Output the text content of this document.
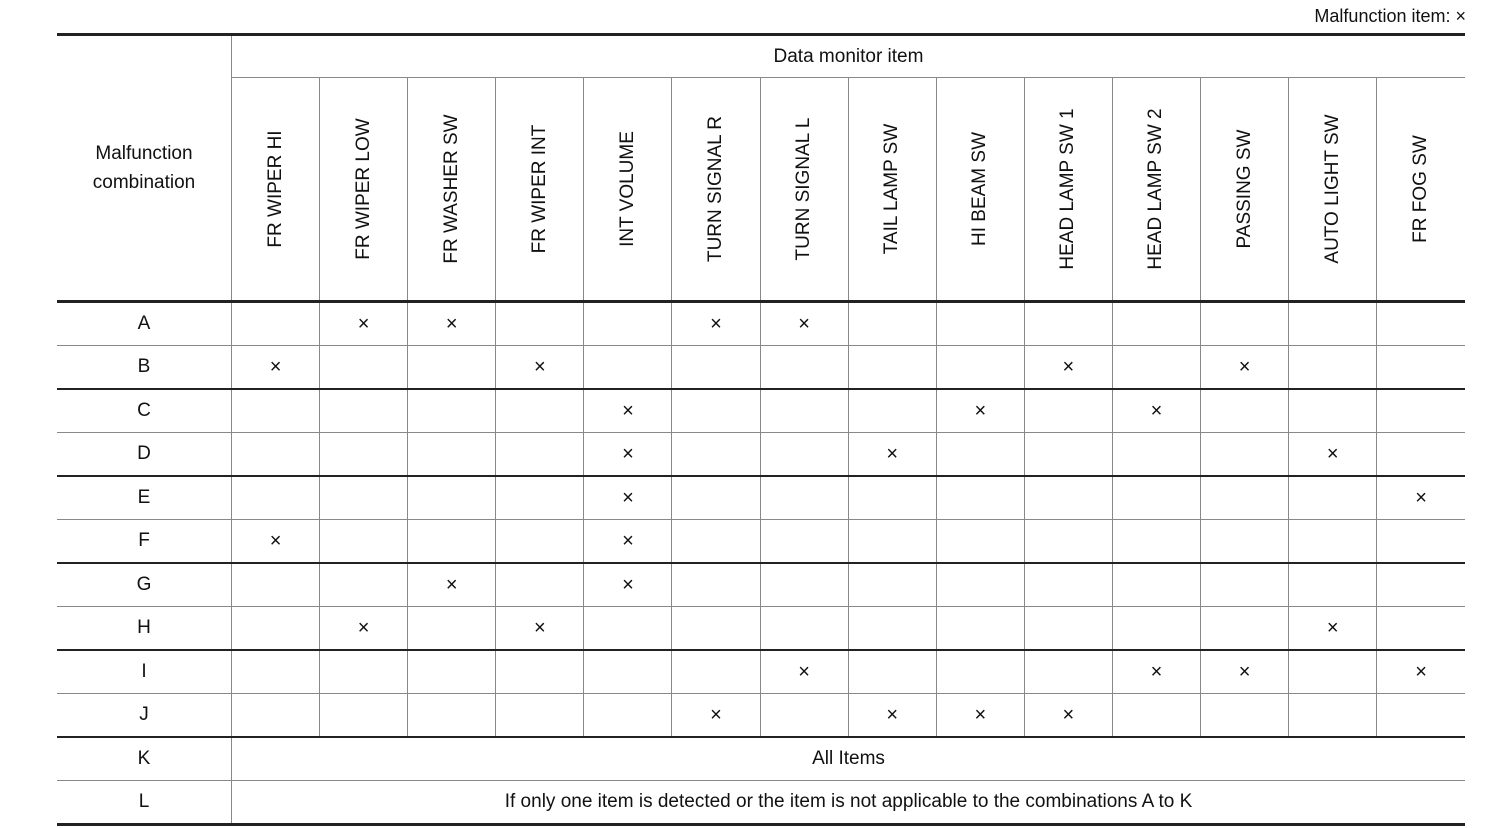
Malfunction item: ×
Malfunction combination	Data monitor item													

	FR WIPER HI	FR WIPER LOW	FR WASHER SW	FR WIPER INT	INT VOLUME	TURN SIGNAL R	TURN SIGNAL L	TAIL LAMP SW	HI BEAM SW	HEAD LAMP SW 1	HEAD LAMP SW 2	PASSING SW	AUTO LIGHT SW	FR FOG SW

A		×	×			×	×							
B	×			×						×		×		
C					×				×		×			
D					×			×					×	
E					×									×
F	×				×									
G			×		×									
H		×		×									×	
I							×				×	×		×
J						×		×	×	×				
K	All Items													
L	If only one item is detected or the item is not applicable to the combinations A to K													
